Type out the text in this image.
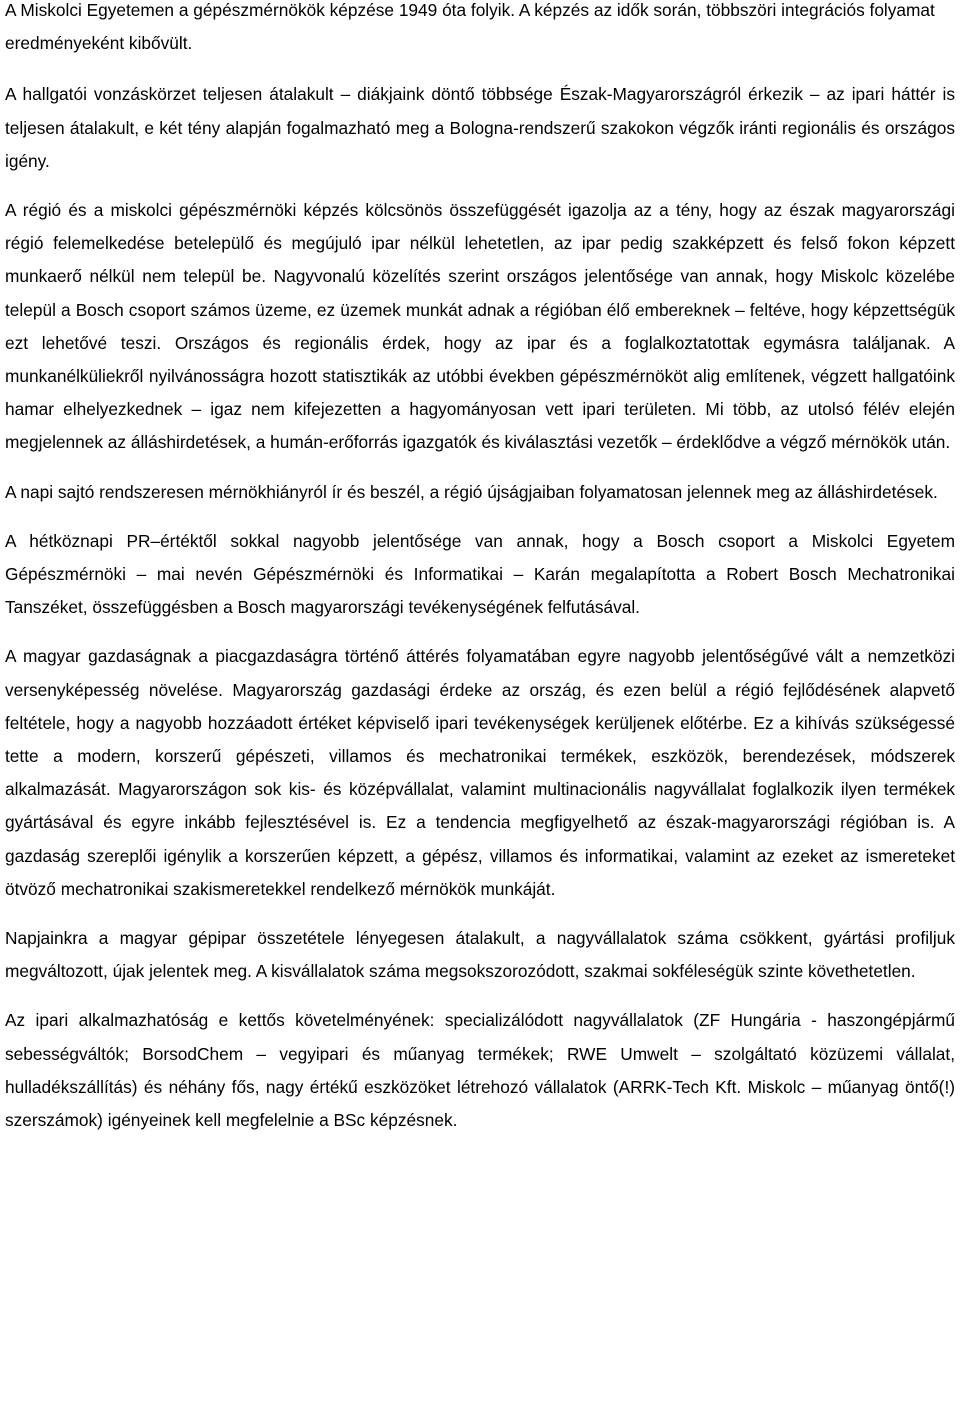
A Miskolci Egyetemen a gépészmérnökök képzése 1949 óta folyik. A képzés az idők során, többszöri integrációs folyamat eredményeként kibővült.

A hallgatói vonzáskörzet teljesen átalakult – diákjaink döntő többsége Észak-Magyarországról érkezik – az ipari háttér is teljesen átalakult, e két tény alapján fogalmazható meg a Bologna-rendszerű szakokon végzők iránti regionális és országos igény.

A régió és a miskolci gépészmérnöki képzés kölcsönös összefüggését igazolja az a tény, hogy az észak magyarországi régió felemelkedése betelepülő és megújuló ipar nélkül lehetetlen, az ipar pedig szakképzett és felső fokon képzett munkaerő nélkül nem települ be. Nagyvonalú közelítés szerint országos jelentősége van annak, hogy Miskolc közelébe települ a Bosch csoport számos üzeme, ez üzemek munkát adnak a régióban élő embereknek – feltéve, hogy képzettségük ezt lehetővé teszi. Országos és regionális érdek, hogy az ipar és a foglalkoztatottak egymásra találjanak. A munkanélküliekről nyilvánosságra hozott statisztikák az utóbbi években gépészmérnököt alig említenek, végzett hallgatóink hamar elhelyezkednek – igaz nem kifejezetten a hagyományosan vett ipari területen. Mi több, az utolsó félév elején megjelennek az álláshirdetések, a humán-erőforrás igazgatók és kiválasztási vezetők – érdeklődve a végző mérnökök után.

A napi sajtó rendszeresen mérnökhiányról ír és beszél, a régió újságjaiban folyamatosan jelennek meg az álláshirdetések.

A hétköznapi PR–értéktől sokkal nagyobb jelentősége van annak, hogy a Bosch csoport a Miskolci Egyetem Gépészmérnöki – mai nevén Gépészmérnöki és Informatikai – Karán megalapította a Robert Bosch Mechatronikai Tanszéket, összefüggésben a Bosch magyarországi tevékenységének felfutásával.

A magyar gazdaságnak a piacgazdaságra történő áttérés folyamatában egyre nagyobb jelentőségűvé vált a nemzetközi versenyképesség növelése. Magyarország gazdasági érdeke az ország, és ezen belül a régió fejlődésének alapvető feltétele, hogy a nagyobb hozzáadott értéket képviselő ipari tevékenységek kerüljenek előtérbe. Ez a kihívás szükségessé tette a modern, korszerű gépészeti, villamos és mechatronikai termékek, eszközök, berendezések, módszerek alkalmazását. Magyarországon sok kis- és középvállalat, valamint multinacionális nagyvállalat foglalkozik ilyen termékek gyártásával és egyre inkább fejlesztésével is. Ez a tendencia megfigyelhető az észak-magyarországi régióban is. A gazdaság szereplői igénylik a korszerűen képzett, a gépész, villamos és informatikai, valamint az ezeket az ismereteket ötvöző mechatronikai szakismeretekkel rendelkező mérnökök munkáját.

Napjainkra a magyar gépipar összetétele lényegesen átalakult, a nagyvállalatok száma csökkent, gyártási profiljuk megváltozott, újak jelentek meg. A kisvállalatok száma megsokszorozódott, szakmai sokféleségük szinte követhetetlen.

Az ipari alkalmazhatóság e kettős követelményének: specializálódott nagyvállalatok (ZF Hungária - haszongépjármű sebességváltók; BorsodChem – vegyipari és műanyag termékek; RWE Umwelt – szolgáltató közüzemi vállalat, hulladékszállítás) és néhány fős, nagy értékű eszközöket létrehozó vállalatok (ARRK-Tech Kft. Miskolc – műanyag öntő(!) szerszámok) igényeinek kell megfelelnie a BSc képzésnek.
